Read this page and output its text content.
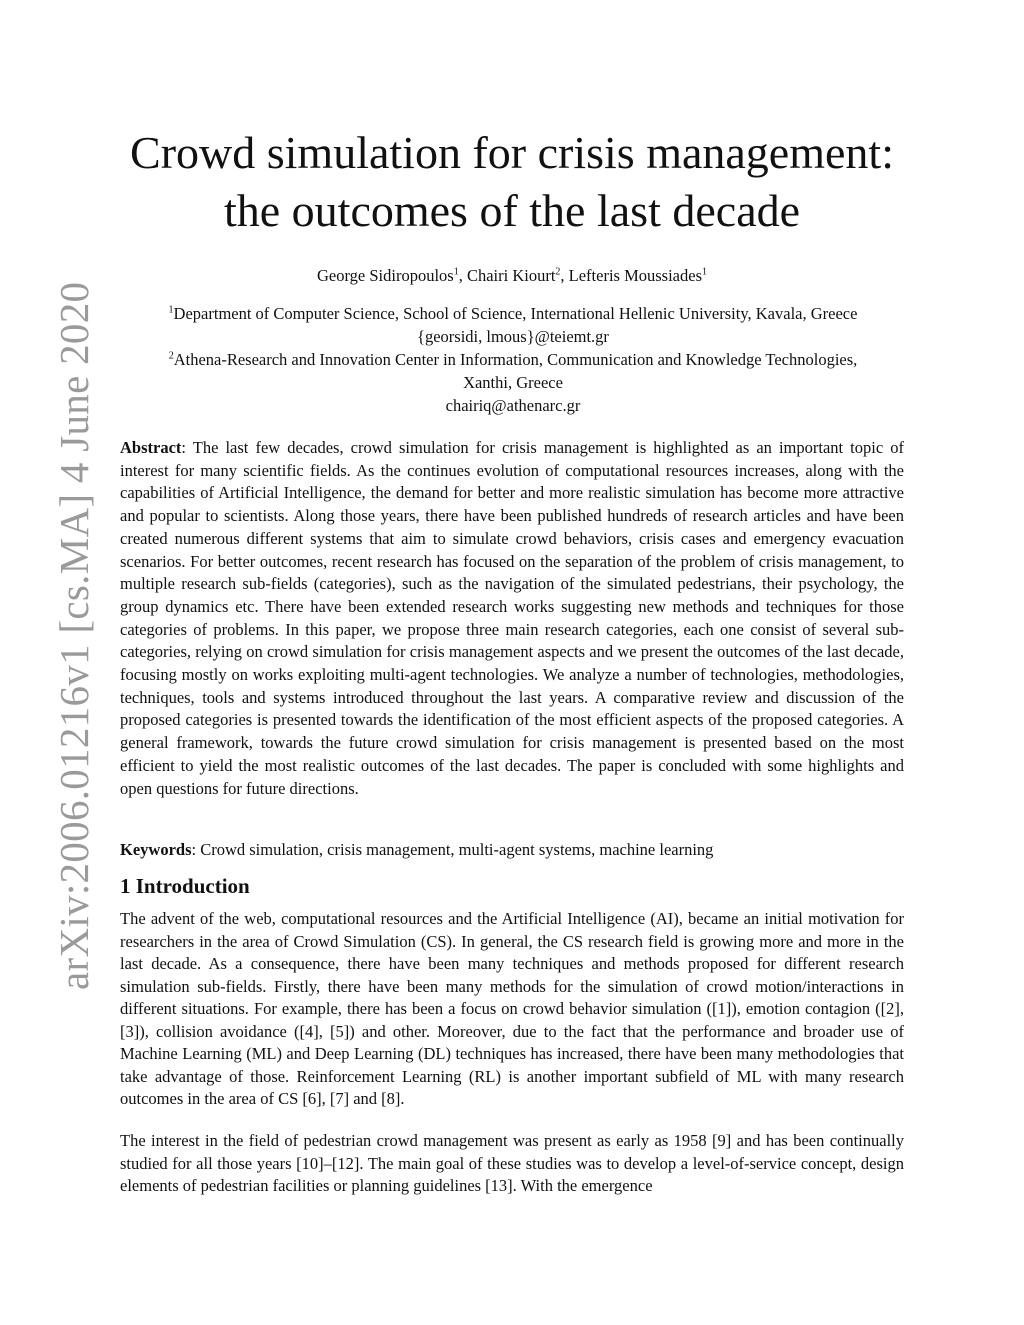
arXiv:2006.01216v1 [cs.MA] 4 June 2020
Crowd simulation for crisis management:
the outcomes of the last decade
George Sidiropoulos$^1$, Chairi Kiourt$^2$, Lefteris Moussiades$^1$
$^1$Department of Computer Science, School of Science, International Hellenic University, Kavala, Greece
{georsidi, lmous}@teiemt.gr
$^2$Athena-Research and Innovation Center in Information, Communication and Knowledge Technologies,
Xanthi, Greece
chairiq@athenarc.gr
Abstract: The last few decades, crowd simulation for crisis management is highlighted as an important topic of interest for many scientific fields. As the continues evolution of computational resources increases, along with the capabilities of Artificial Intelligence, the demand for better and more realistic simulation has become more attractive and popular to scientists. Along those years, there have been published hundreds of research articles and have been created numerous different systems that aim to simulate crowd behaviors, crisis cases and emergency evacuation scenarios. For better outcomes, recent research has focused on the separation of the problem of crisis management, to multiple research sub-fields (categories), such as the navigation of the simulated pedestrians, their psychology, the group dynamics etc. There have been extended research works suggesting new methods and techniques for those categories of problems. In this paper, we propose three main research categories, each one consist of several sub-categories, relying on crowd simulation for crisis management aspects and we present the outcomes of the last decade, focusing mostly on works exploiting multi-agent technologies. We analyze a number of technologies, methodologies, techniques, tools and systems introduced throughout the last years. A comparative review and discussion of the proposed categories is presented towards the identification of the most efficient aspects of the proposed categories. A general framework, towards the future crowd simulation for crisis management is presented based on the most efficient to yield the most realistic outcomes of the last decades. The paper is concluded with some highlights and open questions for future directions.
Keywords: Crowd simulation, crisis management, multi-agent systems, machine learning
1 Introduction
The advent of the web, computational resources and the Artificial Intelligence (AI), became an initial motivation for researchers in the area of Crowd Simulation (CS). In general, the CS research field is growing more and more in the last decade. As a consequence, there have been many techniques and methods proposed for different research simulation sub-fields. Firstly, there have been many methods for the simulation of crowd motion/interactions in different situations. For example, there has been a focus on crowd behavior simulation ([1]), emotion contagion ([2], [3]), collision avoidance ([4], [5]) and other. Moreover, due to the fact that the performance and broader use of Machine Learning (ML) and Deep Learning (DL) techniques has increased, there have been many methodologies that take advantage of those. Reinforcement Learning (RL) is another important subfield of ML with many research outcomes in the area of CS [6], [7] and [8].
The interest in the field of pedestrian crowd management was present as early as 1958 [9] and has been continually studied for all those years [10]–[12]. The main goal of these studies was to develop a level-of-service concept, design elements of pedestrian facilities or planning guidelines [13]. With the emergence
